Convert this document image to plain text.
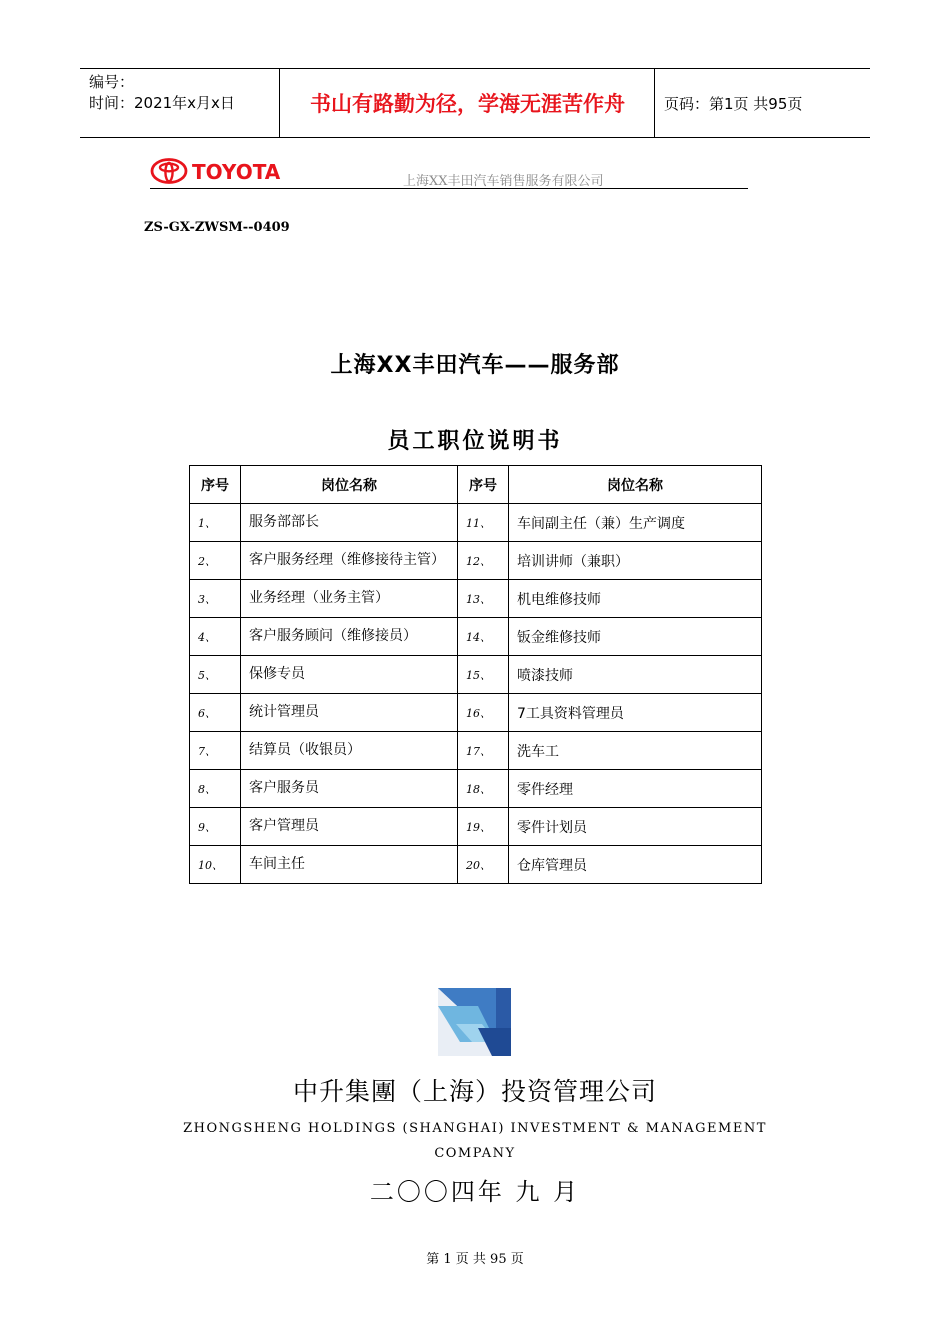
编号：
时间：2021年x月x日	书山有路勤为径，学海无涯苦作舟	页码：第1页 共95页
TOYOTA	上海XX丰田汽车销售服务有限公司
ZS-GX-ZWSM--0409
上海XX丰田汽车——服务部
员工职位说明书
序号	岗位名称	序号	岗位名称
1、	服务部部长	11、	车间副主任（兼）生产调度
2、	客户服务经理（维修接待主管）	12、	培训讲师（兼职）
3、	业务经理（业务主管）	13、	机电维修技师
4、	客户服务顾问（维修接员）	14、	钣金维修技师
5、	保修专员	15、	喷漆技师
6、	统计管理员	16、	7工具资料管理员
7、	结算员（收银员）	17、	洗车工
8、	客户服务员	18、	零件经理
9、	客户管理员	19、	零件计划员
10、	车间主任	20、	仓库管理员
中升集團（上海）投资管理公司
ZHONGSHENG HOLDINGS (SHANGHAI) INVESTMENT & MANAGEMENT
COMPANY
二〇〇四年 九 月
第 1 页 共 95 页
